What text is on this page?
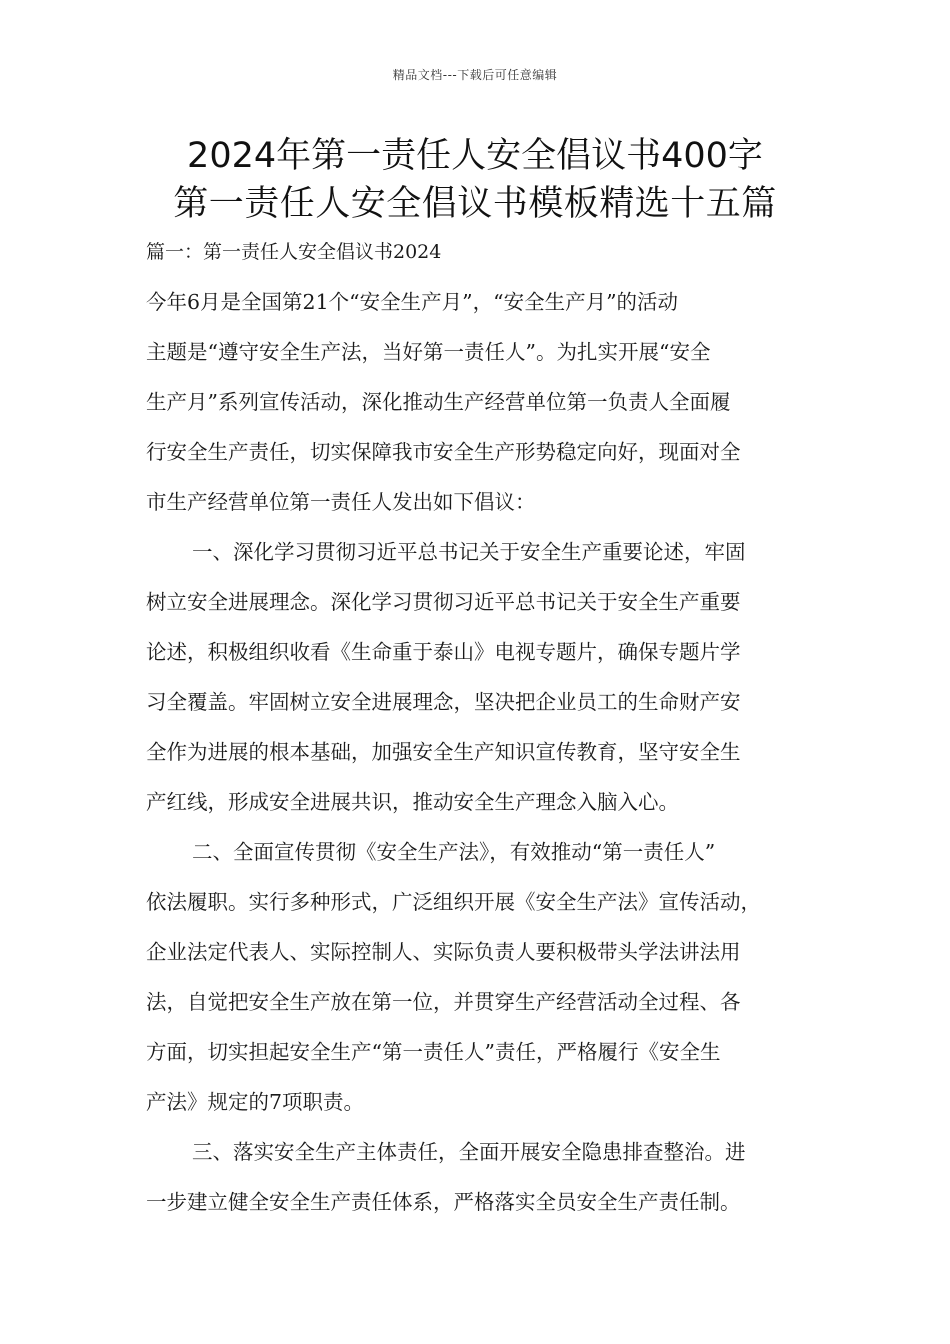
精品文档---下载后可任意编辑
2024年第一责任人安全倡议书400字
第一责任人安全倡议书模板精选十五篇
篇一：第一责任人安全倡议书2024
今年6月是全国第21个“安全生产月”，“安全生产月”的活动
主题是“遵守安全生产法，当好第一责任人”。为扎实开展“安全
生产月”系列宣传活动，深化推动生产经营单位第一负责人全面履
行安全生产责任，切实保障我市安全生产形势稳定向好，现面对全
市生产经营单位第一责任人发出如下倡议：
一、深化学习贯彻习近平总书记关于安全生产重要论述，牢固
树立安全进展理念。深化学习贯彻习近平总书记关于安全生产重要
论述，积极组织收看《生命重于泰山》电视专题片，确保专题片学
习全覆盖。牢固树立安全进展理念，坚决把企业员工的生命财产安
全作为进展的根本基础，加强安全生产知识宣传教育，坚守安全生
产红线，形成安全进展共识，推动安全生产理念入脑入心。
二、全面宣传贯彻《安全生产法》，有效推动“第一责任人”
依法履职。实行多种形式，广泛组织开展《安全生产法》宣传活动，
企业法定代表人、实际控制人、实际负责人要积极带头学法讲法用
法，自觉把安全生产放在第一位，并贯穿生产经营活动全过程、各
方面，切实担起安全生产“第一责任人”责任，严格履行《安全生
产法》规定的7项职责。
三、落实安全生产主体责任，全面开展安全隐患排查整治。进
一步建立健全安全生产责任体系，严格落实全员安全生产责任制。
